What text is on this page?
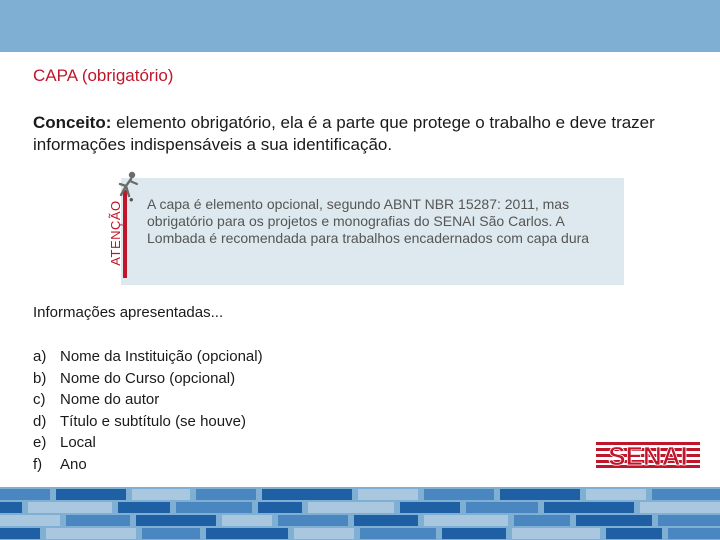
CAPA (obrigatório)
Conceito: elemento obrigatório, ela é a parte que protege o trabalho e deve trazer informações indispensáveis a sua identificação.
• A capa é elemento opcional, segundo ABNT NBR 15287: 2011, mas obrigatório para os projetos e monografias do SENAI São Carlos. A Lombada é recomendada para trabalhos encadernados com capa dura
ATENÇÃO
Informações apresentadas...
a) Nome da Instituição (opcional)
b) Nome do Curso (opcional)
c) Nome do autor
d) Título e subtítulo (se houve)
e) Local
f)	Ano	SENAI
